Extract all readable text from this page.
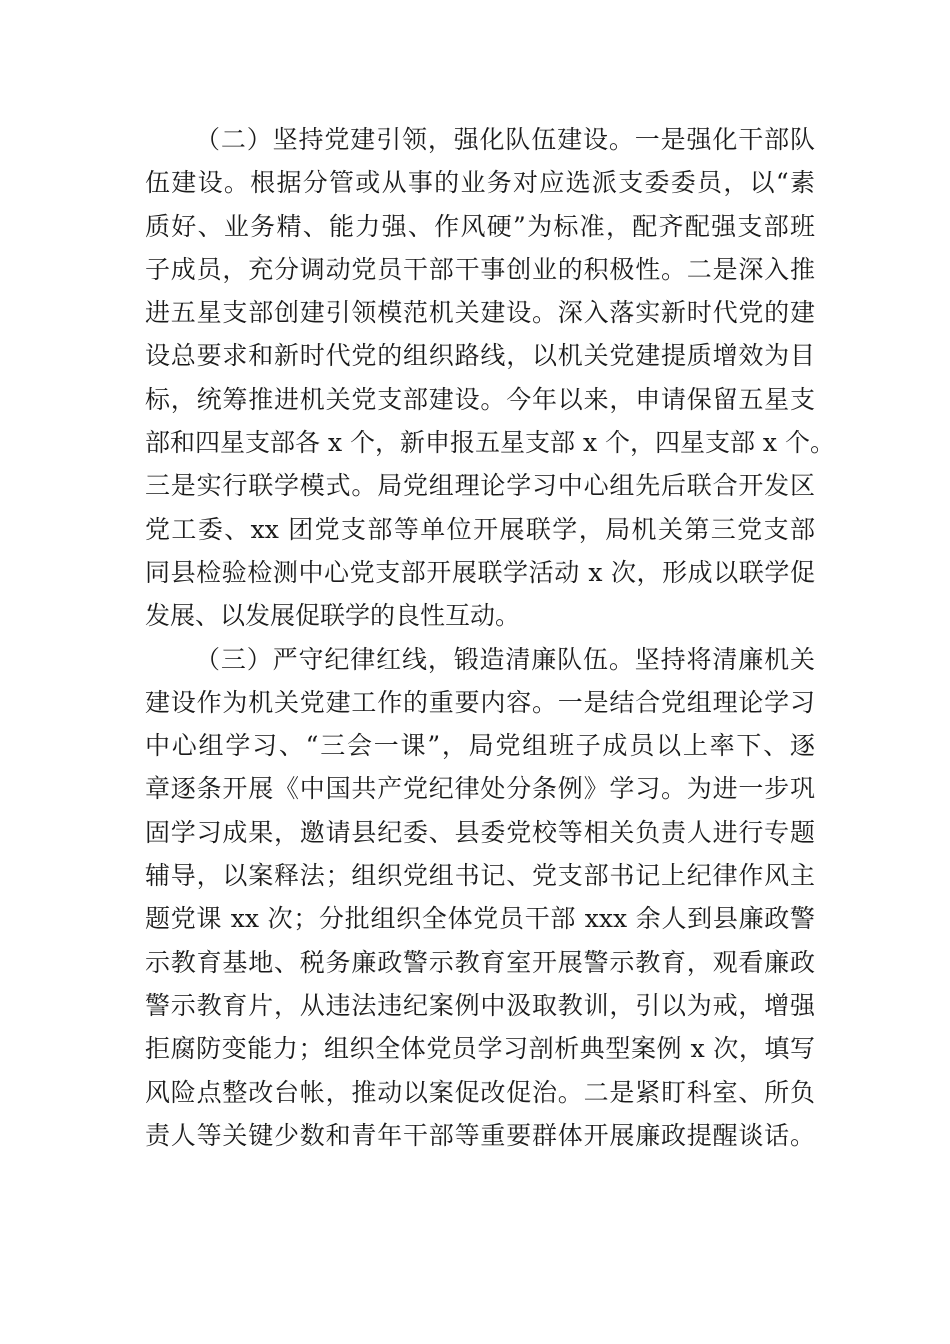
（二）坚持党建引领，强化队伍建设。一是强化干部队
伍建设。根据分管或从事的业务对应选派支委委员，以“素
质好、业务精、能力强、作风硬”为标准，配齐配强支部班
子成员，充分调动党员干部干事创业的积极性。二是深入推
进五星支部创建引领模范机关建设。深入落实新时代党的建
设总要求和新时代党的组织路线，以机关党建提质增效为目
标，统筹推进机关党支部建设。今年以来，申请保留五星支
部和四星支部各 x 个，新申报五星支部 x 个，四星支部 x 个。
三是实行联学模式。局党组理论学习中心组先后联合开发区
党工委、xx 团党支部等单位开展联学，局机关第三党支部
同县检验检测中心党支部开展联学活动 x 次，形成以联学促
发展、以发展促联学的良性互动。
（三）严守纪律红线，锻造清廉队伍。坚持将清廉机关
建设作为机关党建工作的重要内容。一是结合党组理论学习
中心组学习、“三会一课”，局党组班子成员以上率下、逐
章逐条开展《中国共产党纪律处分条例》学习。为进一步巩
固学习成果，邀请县纪委、县委党校等相关负责人进行专题
辅导，以案释法；组织党组书记、党支部书记上纪律作风主
题党课 xx 次；分批组织全体党员干部 xxx 余人到县廉政警
示教育基地、税务廉政警示教育室开展警示教育，观看廉政
警示教育片，从违法违纪案例中汲取教训，引以为戒，增强
拒腐防变能力；组织全体党员学习剖析典型案例 x 次，填写
风险点整改台帐，推动以案促改促治。二是紧盯科室、所负
责人等关键少数和青年干部等重要群体开展廉政提醒谈话。
